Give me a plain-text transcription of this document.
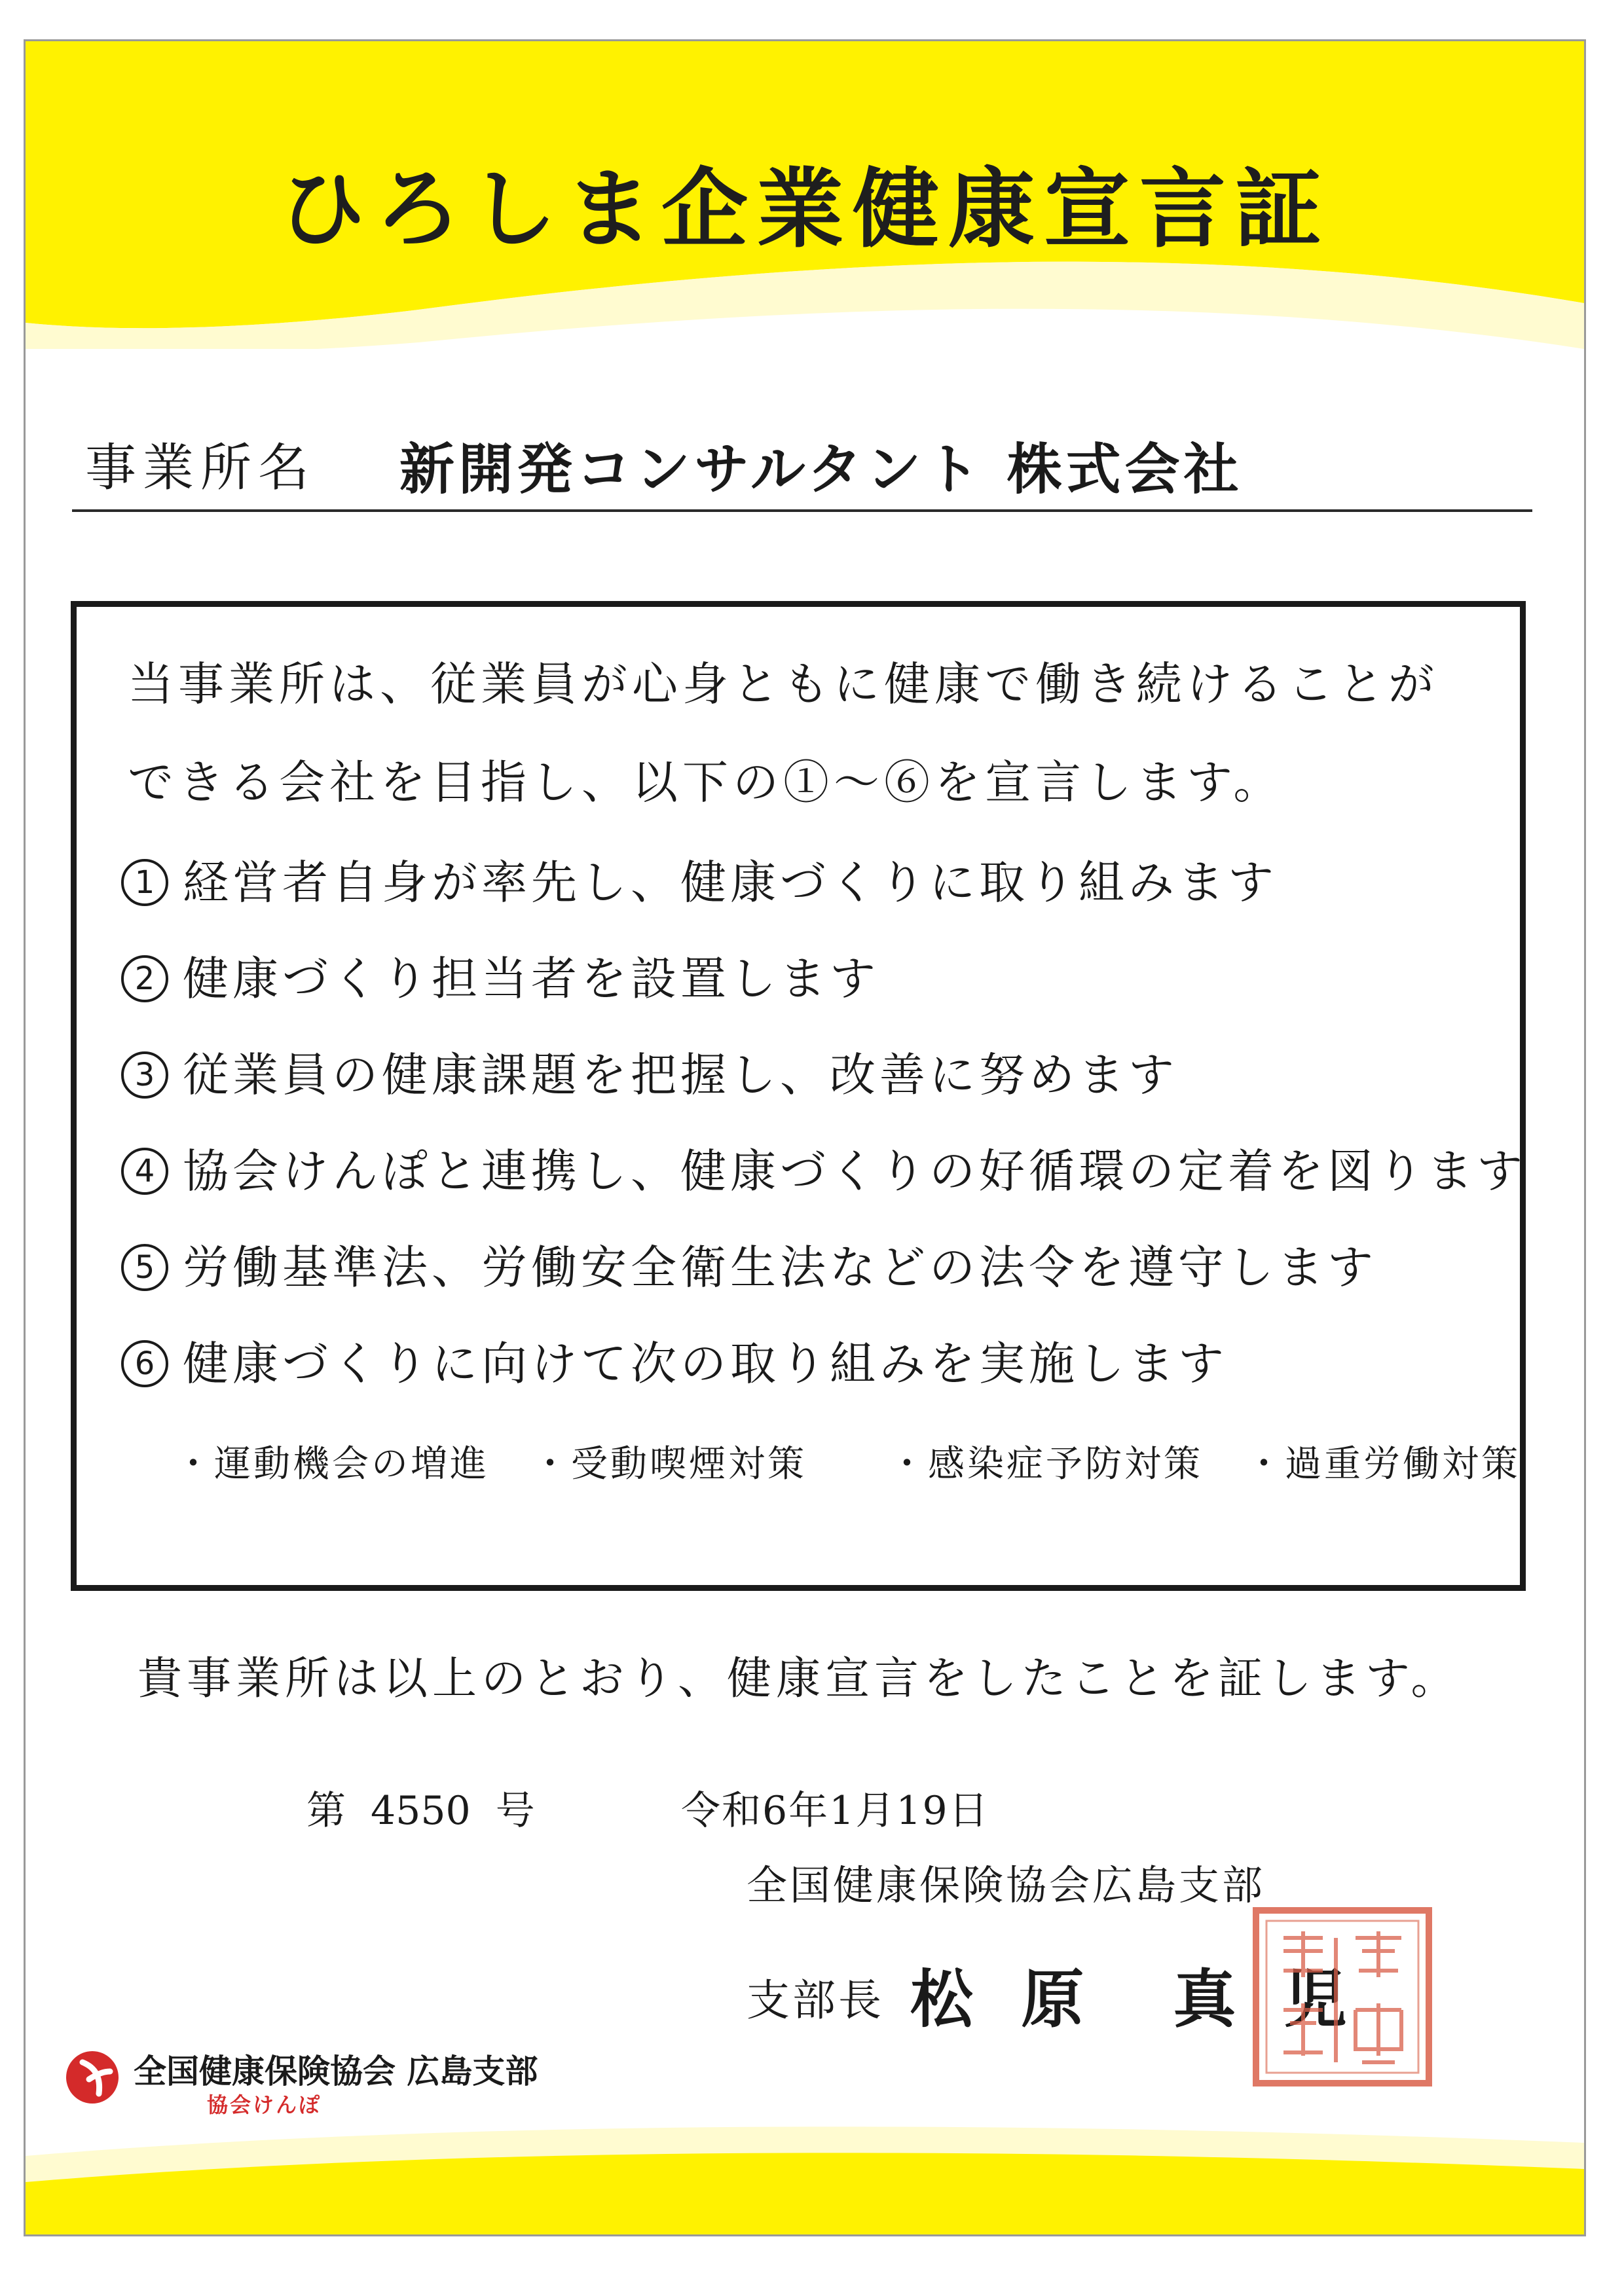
ひろしま企業健康宣言証
事業所名 新開発コンサルタント 株式会社
当事業所は、従業員が心身ともに健康で働き続けることが
できる会社を目指し、以下の①～⑥を宣言します。
1 経営者自身が率先し、健康づくりに取り組みます
2 健康づくり担当者を設置します
3 従業員の健康課題を把握し、改善に努めます
4 協会けんぽと連携し、健康づくりの好循環の定着を図ります
5 労働基準法、労働安全衛生法などの法令を遵守します
6 健康づくりに向けて次の取り組みを実施します
・運動機会の増進 ・受動喫煙対策 ・感染症予防対策 ・過重労働対策
貴事業所は以上のとおり、健康宣言をしたことを証します。
第 4550 号	令和6年1月19日
全国健康保険協会広島支部
支部長 松 原　真 児
全国健康保険協会 広島支部
協会けんぽ
